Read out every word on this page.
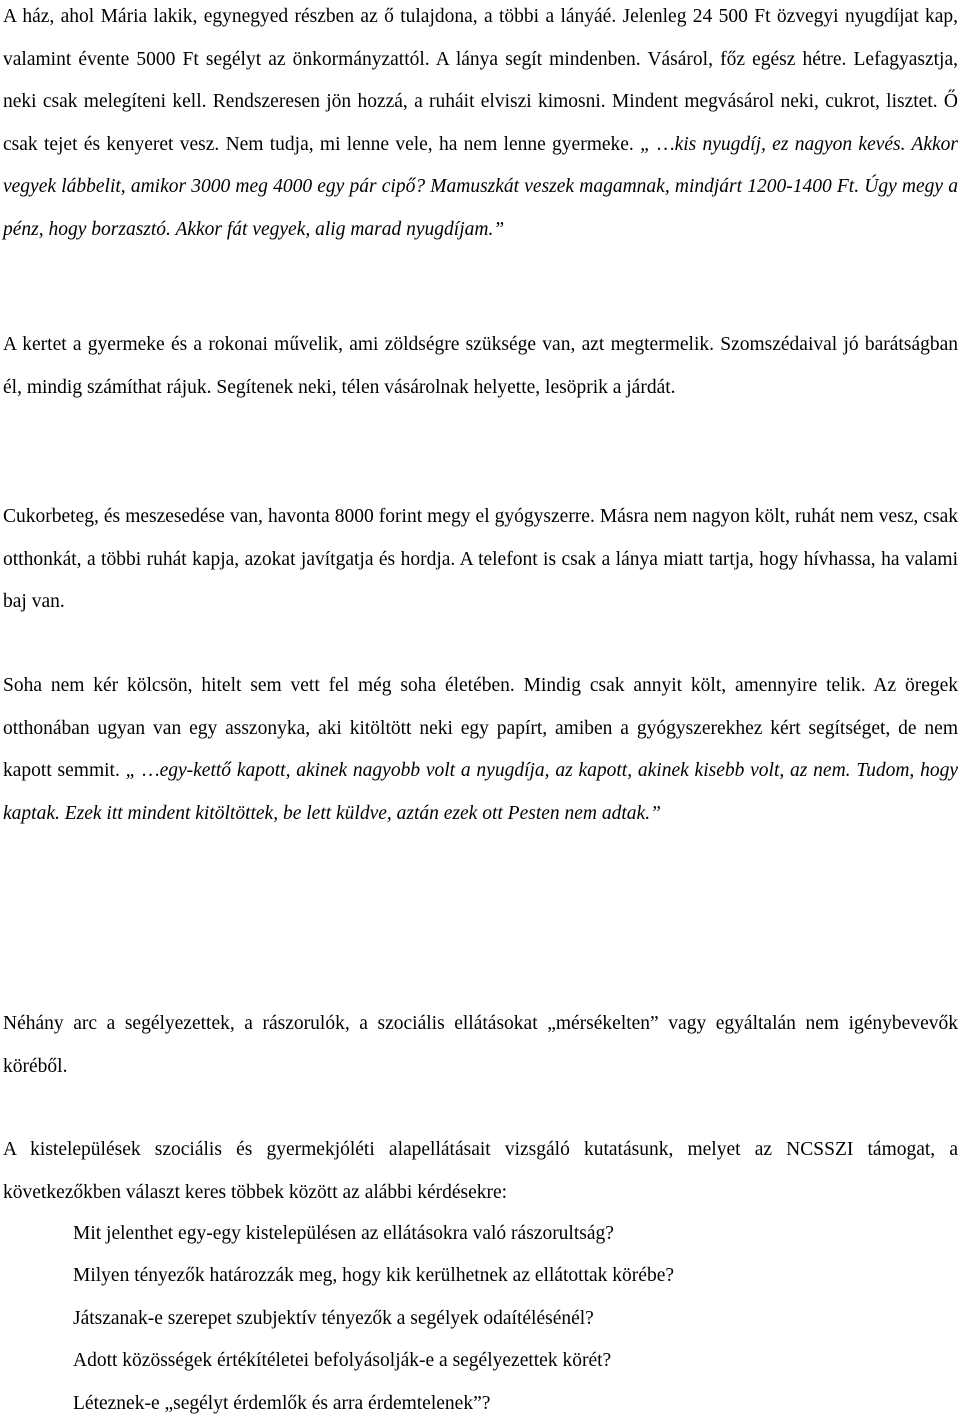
A ház, ahol Mária lakik, egynegyed részben az ő tulajdona, a többi a lányáé. Jelenleg 24 500 Ft özvegyi nyugdíjat kap, valamint évente 5000 Ft segélyt az önkormányzattól. A lánya segít mindenben. Vásárol, főz egész hétre. Lefagyasztja, neki csak melegíteni kell. Rendszeresen jön hozzá, a ruháit elviszi kimosni. Mindent megvásárol neki, cukrot, lisztet. Ő csak tejet és kenyeret vesz. Nem tudja, mi lenne vele, ha nem lenne gyermeke. „ …kis nyugdíj, ez nagyon kevés. Akkor vegyek lábbelit, amikor 3000 meg 4000 egy pár cipő? Mamuszkát veszek magamnak, mindjárt 1200-1400 Ft. Úgy megy a pénz, hogy borzasztó. Akkor fát vegyek, alig marad nyugdíjam.”

A kertet a gyermeke és a rokonai művelik, ami zöldségre szüksége van, azt megtermelik. Szomszédaival jó barátságban él, mindig számíthat rájuk. Segítenek neki, télen vásárolnak helyette, lesöprik a járdát.

Cukorbeteg, és meszesedése van, havonta 8000 forint megy el gyógyszerre. Másra nem nagyon költ, ruhát nem vesz, csak otthonkát, a többi ruhát kapja, azokat javítgatja és hordja. A telefont is csak a lánya miatt tartja, hogy hívhassa, ha valami baj van.

Soha nem kér kölcsön, hitelt sem vett fel még soha életében. Mindig csak annyit költ, amennyire telik. Az öregek otthonában ugyan van egy asszonyka, aki kitöltött neki egy papírt, amiben a gyógyszerekhez kért segítséget, de nem kapott semmit. „ …egy-kettő kapott, akinek nagyobb volt a nyugdíja, az kapott, akinek kisebb volt, az nem. Tudom, hogy kaptak. Ezek itt mindent kitöltöttek, be lett küldve, aztán ezek ott Pesten nem adtak.”

Néhány arc a segélyezettek, a rászorulók, a szociális ellátásokat „mérsékelten” vagy egyáltalán nem igénybevevők köréből.

A kistelepülések szociális és gyermekjóléti alapellátásait vizsgáló kutatásunk, melyet az NCSSZI támogat, a következőkben választ keres többek között az alábbi kérdésekre:

Mit jelenthet egy-egy kistelepülésen az ellátásokra való rászorultság?
Milyen tényezők határozzák meg, hogy kik kerülhetnek az ellátottak körébe?
Játszanak-e szerepet szubjektív tényezők a segélyek odaítélésénél?
Adott közösségek értékítéletei befolyásolják-e a segélyezettek körét?
Léteznek-e „segélyt érdemlők és arra érdemtelenek”?
